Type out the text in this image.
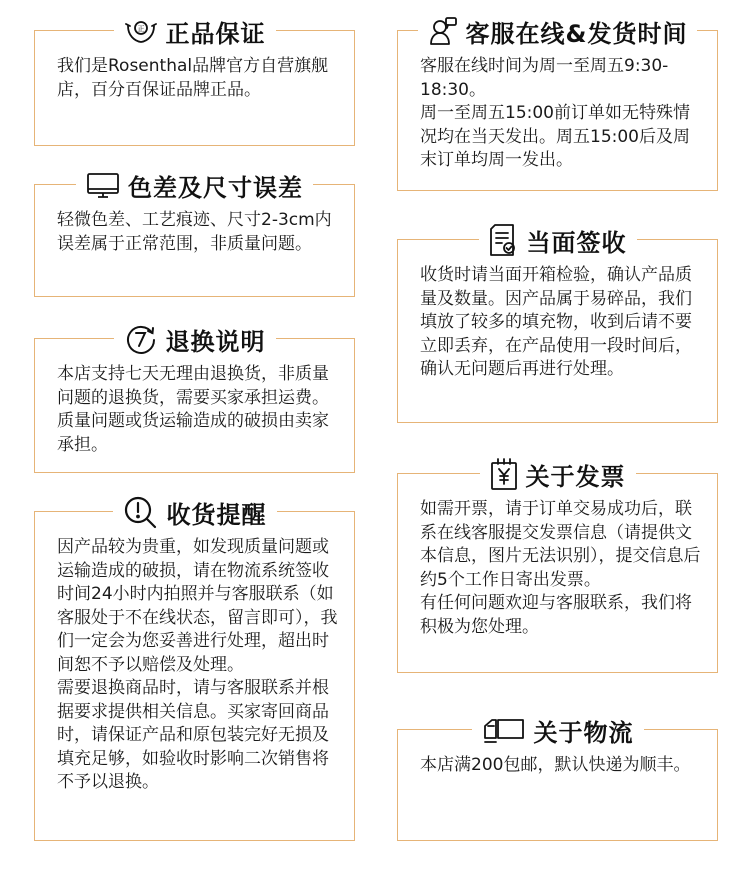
正 正品保证
我们是Rosenthal品牌官方自营旗舰店，百分百保证品牌正品。
色差及尺寸误差
轻微色差、工艺痕迹、尺寸2-3cm内误差属于正常范围，非质量问题。
退换说明
本店支持七天无理由退换货，非质量问题的退换货，需要买家承担运费。质量问题或货运输造成的破损由卖家承担。
收货提醒
因产品较为贵重，如发现质量问题或运输造成的破损，请在物流系统签收时间24小时内拍照并与客服联系（如客服处于不在线状态，留言即可），我们一定会为您妥善进行处理，超出时间恕不予以赔偿及处理。
需要退换商品时，请与客服联系并根据要求提供相关信息。买家寄回商品时，请保证产品和原包装完好无损及填充足够，如验收时影响二次销售将不予以退换。
客服在线&发货时间
客服在线时间为周一至周五9:30-18:30。
周一至周五15:00前订单如无特殊情况均在当天发出。周五15:00后及周末订单均周一发出。
当面签收
收货时请当面开箱检验，确认产品质量及数量。因产品属于易碎品，我们填放了较多的填充物，收到后请不要立即丢弃，在产品使用一段时间后，确认无问题后再进行处理。
关于发票
如需开票，请于订单交易成功后，联系在线客服提交发票信息（请提供文本信息，图片无法识别），提交信息后约5个工作日寄出发票。
有任何问题欢迎与客服联系，我们将积极为您处理。
关于物流
本店满200包邮，默认快递为顺丰。
